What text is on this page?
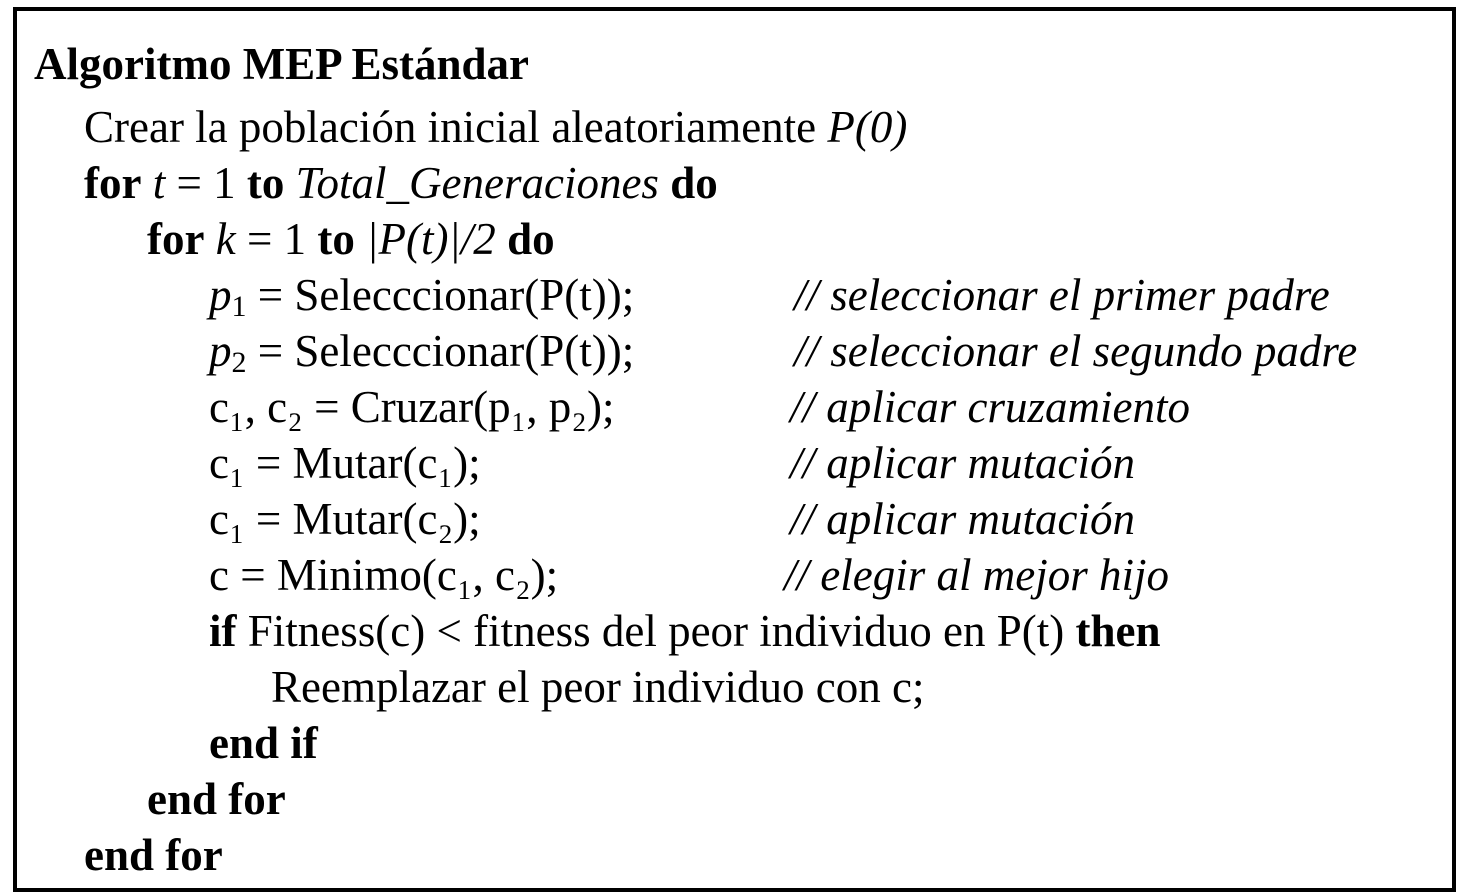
Algoritmo MEP Estándar
Crear la población inicial aleatoriamente P(0)
for t = 1 to Total_Generaciones do
for k = 1 to |P(t)|/2 do
$p_1$ = Selecccionar(P(t));	// seleccionar el primer padre
$p_2$ = Selecccionar(P(t));	// seleccionar el segundo padre
c₁, c₂ = Cruzar(p₁, p₂);	// aplicar cruzamiento
c₁ = Mutar(c₁);	// aplicar mutación
c₁ = Mutar(c₂);	// aplicar mutación
c = Minimo(c₁, c₂);	// elegir al mejor hijo
if Fitness(c) < fitness del peor individuo en P(t) then
Reemplazar el peor individuo con c;
end if
end for
end for
